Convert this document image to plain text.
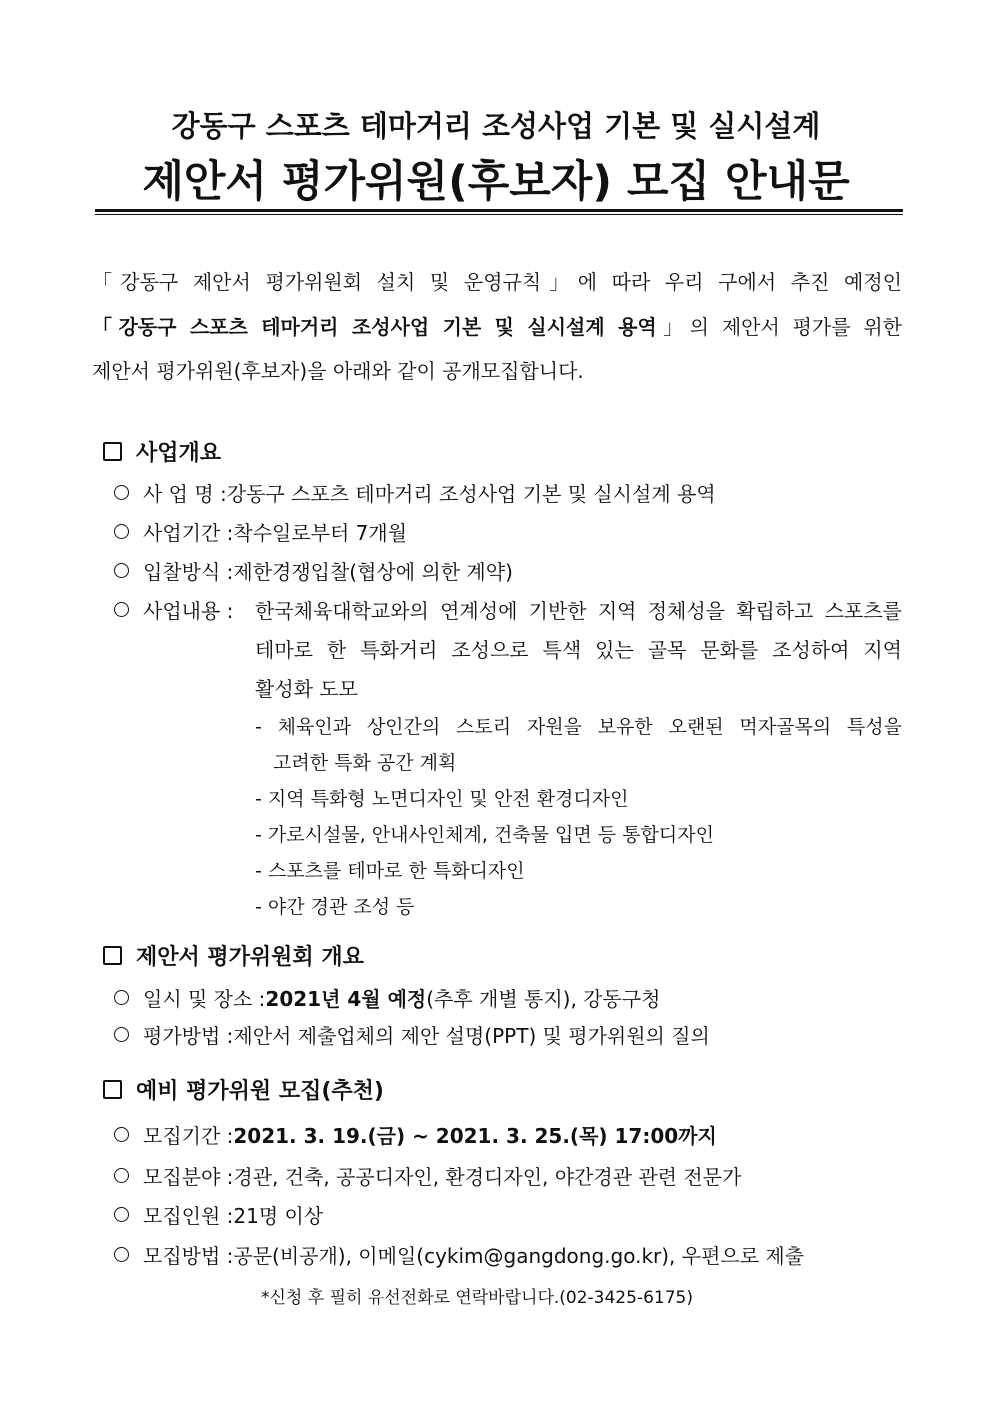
강동구 스포츠 테마거리 조성사업 기본 및 실시설계
제안서 평가위원(후보자) 모집 안내문
「강동구 제안서 평가위원회 설치 및 운영규칙」에 따라 우리 구에서 추진 예정인
「강동구 스포츠 테마거리 조성사업 기본 및 실시설계 용역」의 제안서 평가를 위한
제안서 평가위원(후보자)을 아래와 같이 공개모집합니다.
사업개요
사 업 명 : 강동구 스포츠 테마거리 조성사업 기본 및 실시설계 용역
사업기간 : 착수일로부터 7개월
입찰방식 : 제한경쟁입찰(협상에 의한 계약)
사업내용 : 한국체육대학교와의 연계성에 기반한 지역 정체성을 확립하고 스포츠를
테마로 한 특화거리 조성으로 특색 있는 골목 문화를 조성하여 지역
활성화 도모
- 체육인과 상인간의 스토리 자원을 보유한 오랜된 먹자골목의 특성을
고려한 특화 공간 계획
- 지역 특화형 노면디자인 및 안전 환경디자인
- 가로시설물, 안내사인체계, 건축물 입면 등 통합디자인
- 스포츠를 테마로 한 특화디자인
- 야간 경관 조성 등
제안서 평가위원회 개요
일시 및 장소 : 2021년 4월 예정 (추후 개별 통지), 강동구청
평가방법 : 제안서 제출업체의 제안 설명(PPT) 및 평가위원의 질의
예비 평가위원 모집(추천)
모집기간 : 2021. 3. 19.(금) ~ 2021. 3. 25.(목) 17:00까지
모집분야 : 경관, 건축, 공공디자인, 환경디자인, 야간경관 관련 전문가
모집인원 : 21명 이상
모집방법 : 공문(비공개), 이메일(cykim@gangdong.go.kr), 우편으로 제출
*신청 후 필히 유선전화로 연락바랍니다.(02-3425-6175)
